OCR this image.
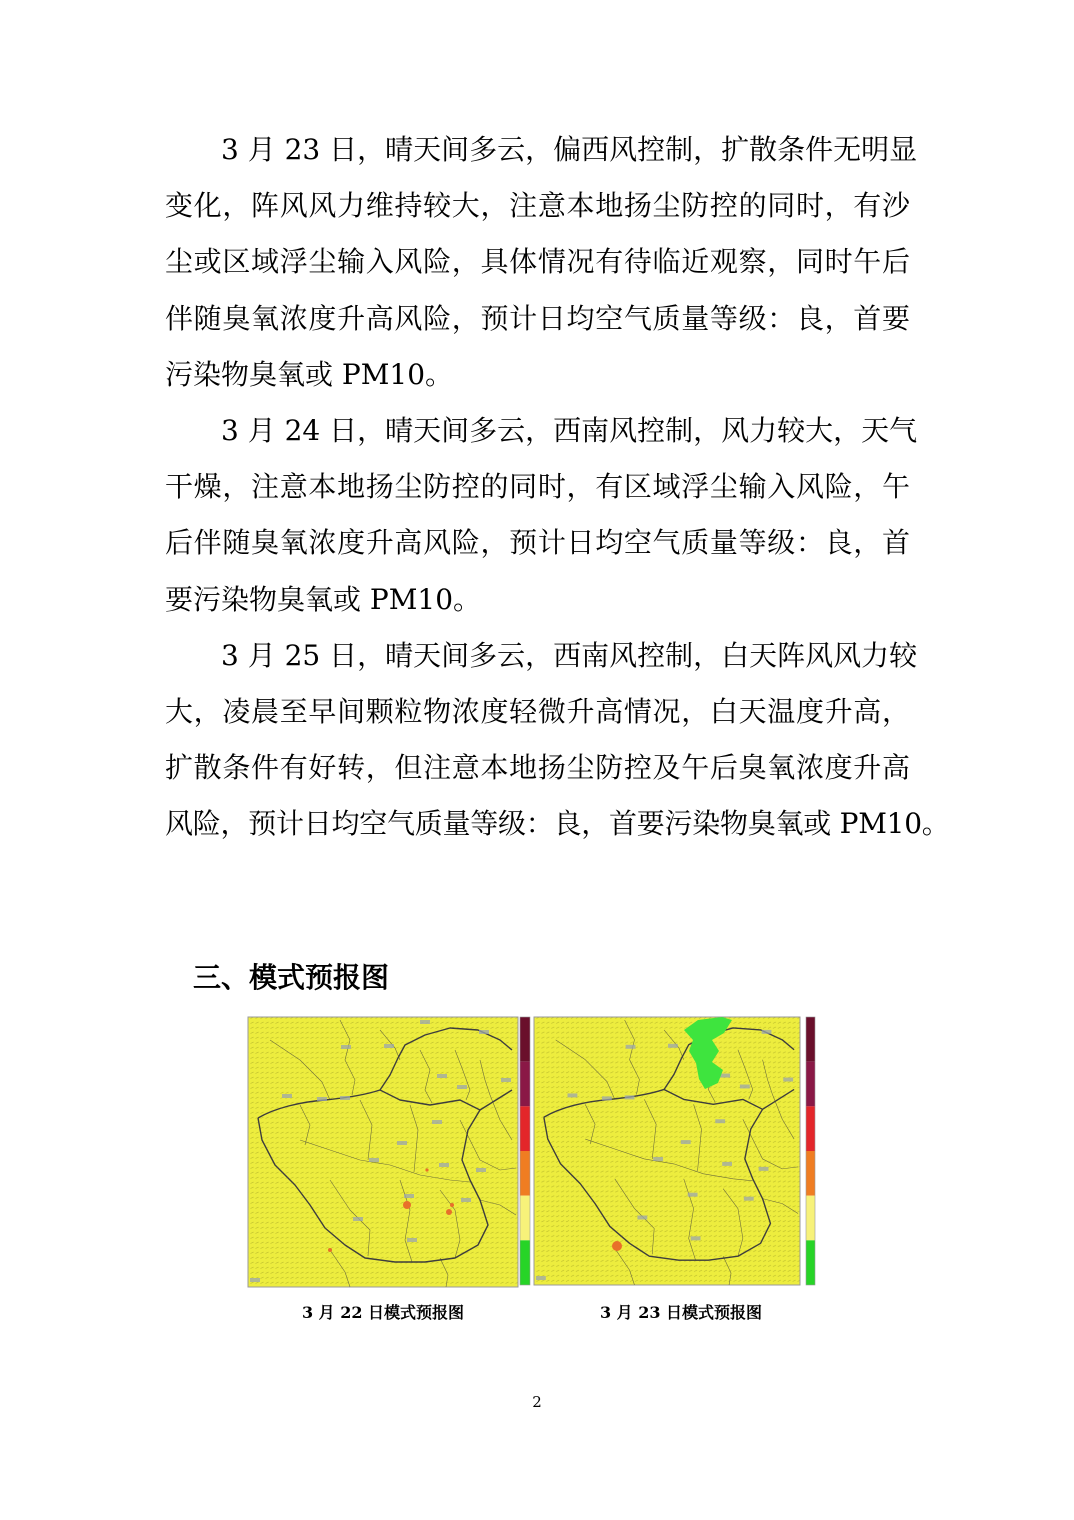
3 月 23 日，晴天间多云，偏西风控制，扩散条件无明显
变化，阵风风力维持较大，注意本地扬尘防控的同时，有沙
尘或区域浮尘输入风险，具体情况有待临近观察，同时午后
伴随臭氧浓度升高风险，预计日均空气质量等级：良，首要
污染物臭氧或 PM10。
3 月 24 日，晴天间多云，西南风控制，风力较大，天气
干燥，注意本地扬尘防控的同时，有区域浮尘输入风险，午
后伴随臭氧浓度升高风险，预计日均空气质量等级：良，首
要污染物臭氧或 PM10。
3 月 25 日，晴天间多云，西南风控制，白天阵风风力较
大，凌晨至早间颗粒物浓度轻微升高情况，白天温度升高，
扩散条件有好转，但注意本地扬尘防控及午后臭氧浓度升高
风险，预计日均空气质量等级：良，首要污染物臭氧或 PM10。
三、模式预报图
3 月 22 日模式预报图	3 月 23 日模式预报图
2
